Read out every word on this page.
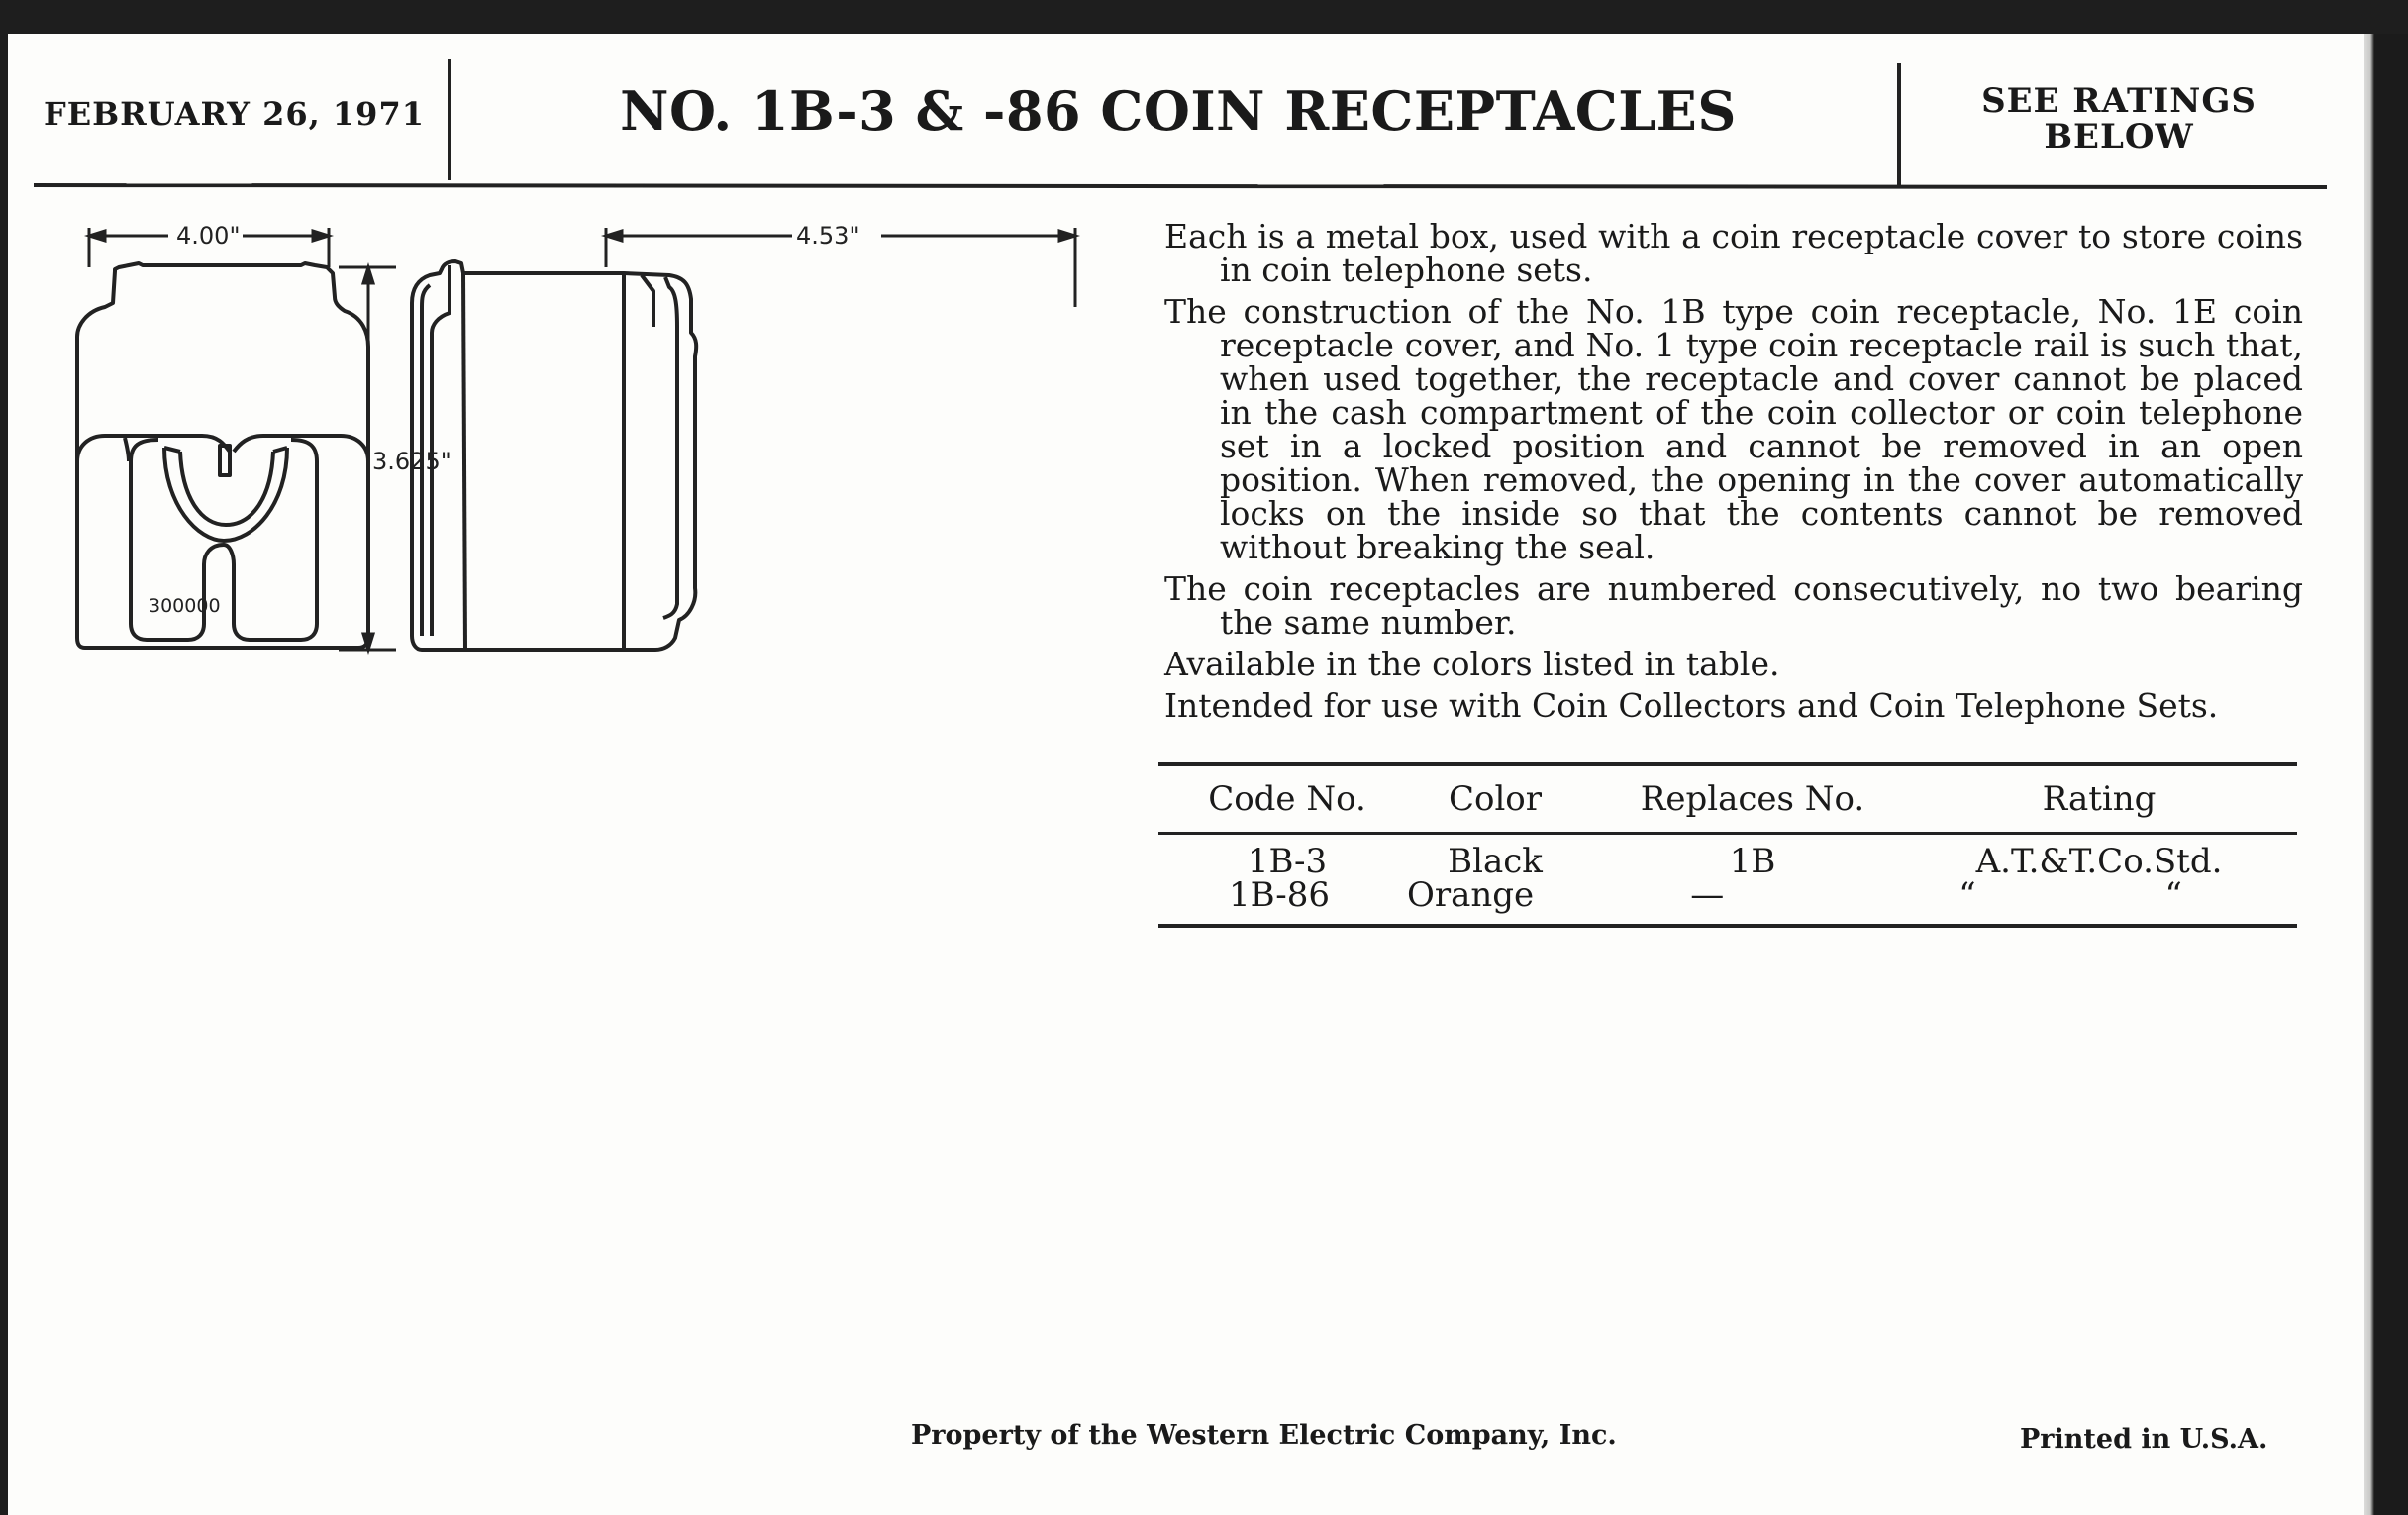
FEBRUARY 26, 1971	NO. 1B-3 & -86 COIN RECEPTACLES	SEE RATINGS
BELOW
4.00"
3.625"
4.53"
300000

Each is a metal box, used with a coin receptacle cover to store coins in coin telephone sets.

The construction of the No. 1B type coin receptacle, No. 1E coin receptacle cover, and No. 1 type coin receptacle rail is such that, when used together, the receptacle and cover cannot be placed in the cash compartment of the coin collector or coin telephone set in a locked position and cannot be removed in an open position. When removed, the opening in the cover automatically locks on the inside so that the contents cannot be removed without breaking the seal.

The coin receptacles are numbered consecutively, no two bearing the same number.

Available in the colors listed in table.

Intended for use with Coin Collectors and Coin Telephone Sets.

Code No.	Color	Replaces No.	Rating
1B-3	Black	1B	A.T.&T.Co.Std.
1B-86	Orange	—	“ “
Property of the Western Electric Company, Inc.	Printed in U.S.A.
